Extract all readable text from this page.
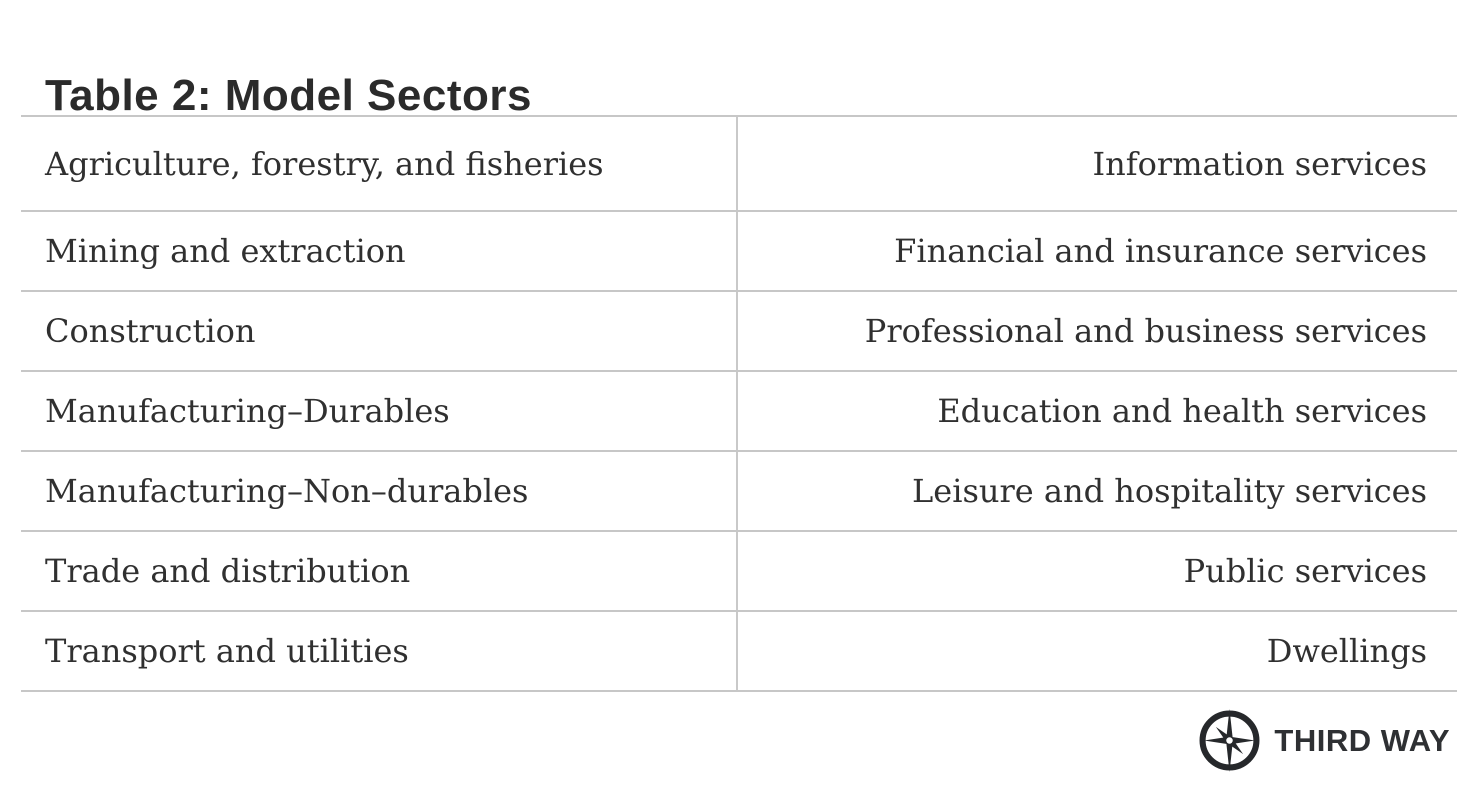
Table 2: Model Sectors
Agriculture, forestry, and fisheries	Information services
Mining and extraction	Financial and insurance services
Construction	Professional and business services
Manufacturing–Durables	Education and health services
Manufacturing–Non–durables	Leisure and hospitality services
Trade and distribution	Public services
Transport and utilities	Dwellings
THIRD WAY
